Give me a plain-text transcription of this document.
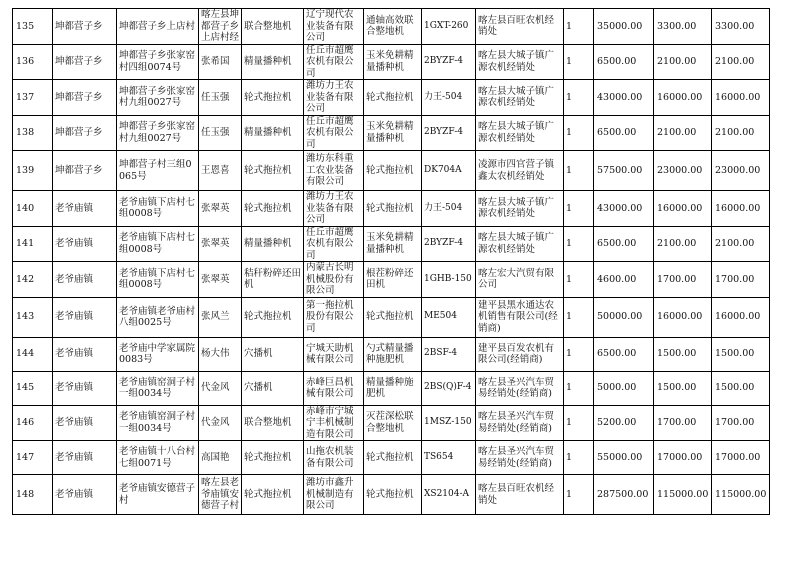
135	坤都营子乡	坤都营子乡上店村	喀左县坤都营子乡上店村经	联合整地机	辽宁现代农业装备有限公司	通轴高效联合整地机	1GXT-260	喀左县百旺农机经销处	1	35000.00	3300.00	3300.00
136	坤都营子乡	坤都营子乡张家窑村四组0074号	张希国	精量播种机	任丘市超鹰农机有限公司	玉米免耕精量播种机	2BYZF-4	喀左县大城子镇广源农机经销处	1	6500.00	2100.00	2100.00
137	坤都营子乡	坤都营子乡张家窑村九组0027号	任玉强	轮式拖拉机	潍坊力王农业装备有限公司	轮式拖拉机	力王-504	喀左县大城子镇广源农机经销处	1	43000.00	16000.00	16000.00
138	坤都营子乡	坤都营子乡张家窑村九组0027号	任玉强	精量播种机	任丘市超鹰农机有限公司	玉米免耕精量播种机	2BYZF-4	喀左县大城子镇广源农机经销处	1	6500.00	2100.00	2100.00
139	坤都营子乡	坤都营子村三组0065号	王恩喜	轮式拖拉机	潍坊东科重工农业装备有限公司	轮式拖拉机	DK704A	凌源市四官营子镇鑫太农机经销处	1	57500.00	23000.00	23000.00
140	老爷庙镇	老爷庙镇下店村七组0008号	张翠英	轮式拖拉机	潍坊力王农业装备有限公司	轮式拖拉机	力王-504	喀左县大城子镇广源农机经销处	1	43000.00	16000.00	16000.00
141	老爷庙镇	老爷庙镇下店村七组0008号	张翠英	精量播种机	任丘市超鹰农机有限公司	玉米免耕精量播种机	2BYZF-4	喀左县大城子镇广源农机经销处	1	6500.00	2100.00	2100.00
142	老爷庙镇	老爷庙镇下店村七组0008号	张翠英	秸秆粉碎还田机	内蒙古长明机械股份有限公司	根茬粉碎还田机	1GHB-150	喀左宏大汽贸有限公司	1	4600.00	1700.00	1700.00
143	老爷庙镇	老爷庙镇老爷庙村八组0025号	张风兰	轮式拖拉机	第一拖拉机股份有限公司	轮式拖拉机	ME504	建平县黑水通达农机销售有限公司(经销商)	1	50000.00	16000.00	16000.00
144	老爷庙镇	老爷庙中学家属院0083号	杨大伟	穴播机	宁城天助机械有限公司	勺式精量播种施肥机	2BSF-4	建平县百发农机有限公司(经销商)	1	6500.00	1500.00	1500.00
145	老爷庙镇	老爷庙镇窑洞子村一组0034号	代金风	穴播机	赤峰巨昌机械有限公司	精量播种施肥机	2BS(Q)F-4	喀左县圣兴汽车贸易经销处(经销商)	1	5000.00	1500.00	1500.00
146	老爷庙镇	老爷庙镇窑洞子村一组0034号	代金风	联合整地机	赤峰市宁城宁丰机械制造有限公司	灭茬深松联合整地机	1MSZ-150	喀左县圣兴汽车贸易经销处(经销商)	1	5200.00	1700.00	1700.00
147	老爷庙镇	老爷庙镇十八台村七组0071号	高国艳	轮式拖拉机	山拖农机装备有限公司	轮式拖拉机	TS654	喀左县圣兴汽车贸易经销处(经销商)	1	55000.00	17000.00	17000.00
148	老爷庙镇	老爷庙镇安德营子村	喀左县老爷庙镇安德营子村	轮式拖拉机	潍坊市鑫升机械制造有限公司	轮式拖拉机	XS2104-A	喀左县百旺农机经销处	1	287500.00	115000.00	115000.00
